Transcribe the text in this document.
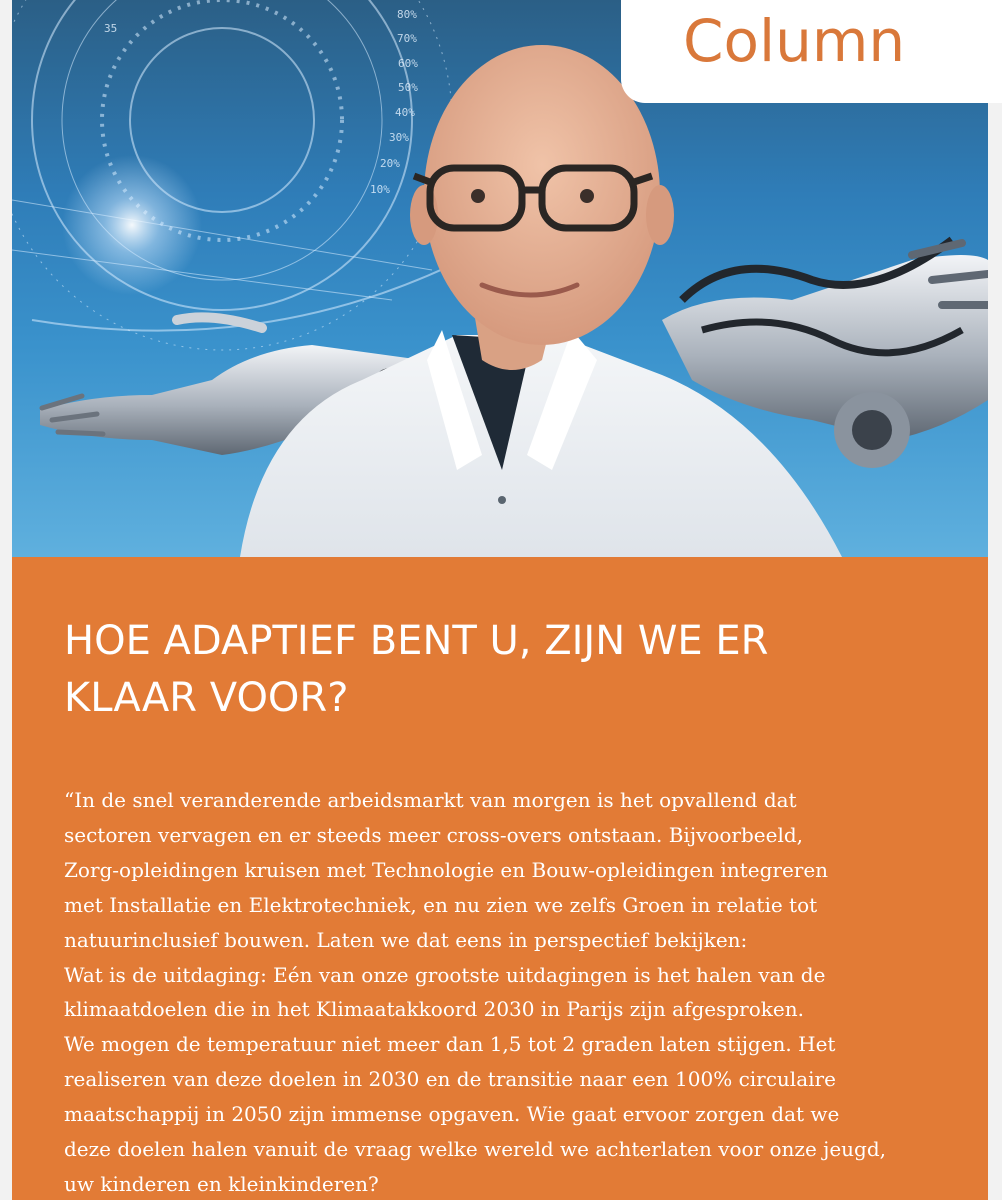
80%
70%
60%
50%
40%
30%
20%
10%
35	Column
HOE ADAPTIEF BENT U, ZIJN WE ER KLAAR VOOR?
“In de snel veranderende arbeidsmarkt van morgen is het opvallend dat
sectoren vervagen en er steeds meer cross-overs ontstaan. Bijvoorbeeld,
Zorg-opleidingen kruisen met Technologie en Bouw-opleidingen integreren
met Installatie en Elektrotechniek, en nu zien we zelfs Groen in relatie tot
natuurinclusief bouwen. Laten we dat eens in perspectief bekijken:
Wat is de uitdaging: Eén van onze grootste uitdagingen is het halen van de
klimaatdoelen die in het Klimaatakkoord 2030 in Parijs zijn afgesproken.
We mogen de temperatuur niet meer dan 1,5 tot 2 graden laten stijgen. Het
realiseren van deze doelen in 2030 en de transitie naar een 100% circulaire
maatschappij in 2050 zijn immense opgaven. Wie gaat ervoor zorgen dat we
deze doelen halen vanuit de vraag welke wereld we achterlaten voor onze jeugd,
uw kinderen en kleinkinderen?
